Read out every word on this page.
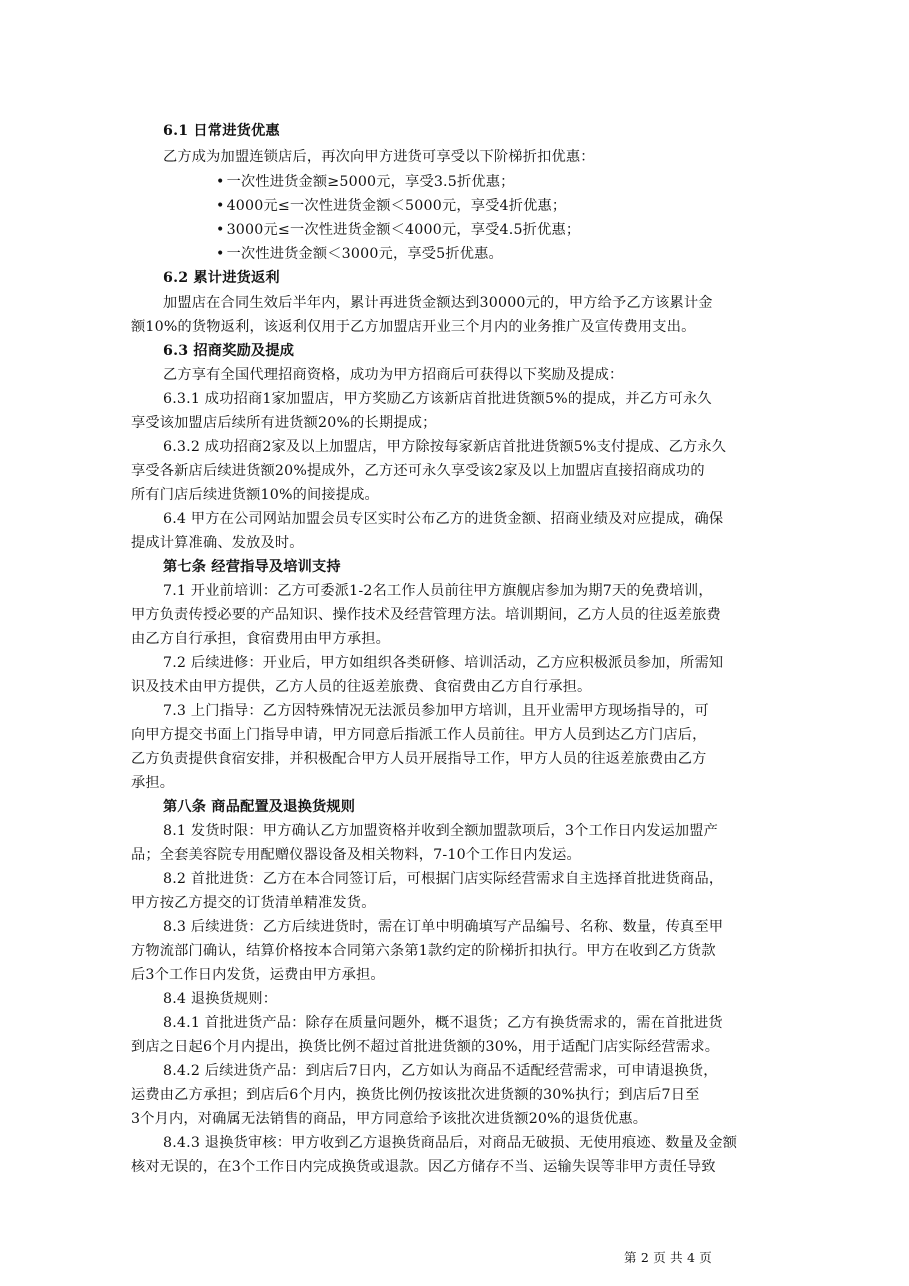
6.1 日常进货优惠
乙方成为加盟连锁店后，再次向甲方进货可享受以下阶梯折扣优惠：
• 一次性进货金额≥5000元，享受3.5折优惠；
• 4000元≤一次性进货金额＜5000元，享受4折优惠；
• 3000元≤一次性进货金额＜4000元，享受4.5折优惠；
• 一次性进货金额＜3000元，享受5折优惠。
6.2 累计进货返利
加盟店在合同生效后半年内，累计再进货金额达到30000元的，甲方给予乙方该累计金
额10%的货物返利，该返利仅用于乙方加盟店开业三个月内的业务推广及宣传费用支出。
6.3 招商奖励及提成
乙方享有全国代理招商资格，成功为甲方招商后可获得以下奖励及提成：
6.3.1 成功招商1家加盟店，甲方奖励乙方该新店首批进货额5%的提成，并乙方可永久
享受该加盟店后续所有进货额20%的长期提成；
6.3.2 成功招商2家及以上加盟店，甲方除按每家新店首批进货额5%支付提成、乙方永久
享受各新店后续进货额20%提成外，乙方还可永久享受该2家及以上加盟店直接招商成功的
所有门店后续进货额10%的间接提成。
6.4 甲方在公司网站加盟会员专区实时公布乙方的进货金额、招商业绩及对应提成，确保
提成计算准确、发放及时。
第七条 经营指导及培训支持
7.1 开业前培训：乙方可委派1-2名工作人员前往甲方旗舰店参加为期7天的免费培训，
甲方负责传授必要的产品知识、操作技术及经营管理方法。培训期间，乙方人员的往返差旅费
由乙方自行承担，食宿费用由甲方承担。
7.2 后续进修：开业后，甲方如组织各类研修、培训活动，乙方应积极派员参加，所需知
识及技术由甲方提供，乙方人员的往返差旅费、食宿费由乙方自行承担。
7.3 上门指导：乙方因特殊情况无法派员参加甲方培训，且开业需甲方现场指导的，可
向甲方提交书面上门指导申请，甲方同意后指派工作人员前往。甲方人员到达乙方门店后，
乙方负责提供食宿安排，并积极配合甲方人员开展指导工作，甲方人员的往返差旅费由乙方
承担。
第八条 商品配置及退换货规则
8.1 发货时限：甲方确认乙方加盟资格并收到全额加盟款项后，3个工作日内发运加盟产
品；全套美容院专用配赠仪器设备及相关物料，7-10个工作日内发运。
8.2 首批进货：乙方在本合同签订后，可根据门店实际经营需求自主选择首批进货商品，
甲方按乙方提交的订货清单精准发货。
8.3 后续进货：乙方后续进货时，需在订单中明确填写产品编号、名称、数量，传真至甲
方物流部门确认，结算价格按本合同第六条第1款约定的阶梯折扣执行。甲方在收到乙方货款
后3个工作日内发货，运费由甲方承担。
8.4 退换货规则：
8.4.1 首批进货产品：除存在质量问题外，概不退货；乙方有换货需求的，需在首批进货
到店之日起6个月内提出，换货比例不超过首批进货额的30%，用于适配门店实际经营需求。
8.4.2 后续进货产品：到店后7日内，乙方如认为商品不适配经营需求，可申请退换货，
运费由乙方承担；到店后6个月内，换货比例仍按该批次进货额的30%执行；到店后7日至
3个月内，对确属无法销售的商品，甲方同意给予该批次进货额20%的退货优惠。
8.4.3 退换货审核：甲方收到乙方退换货商品后，对商品无破损、无使用痕迹、数量及金额
核对无误的，在3个工作日内完成换货或退款。因乙方储存不当、运输失误等非甲方责任导致
第 2 页 共 4 页
